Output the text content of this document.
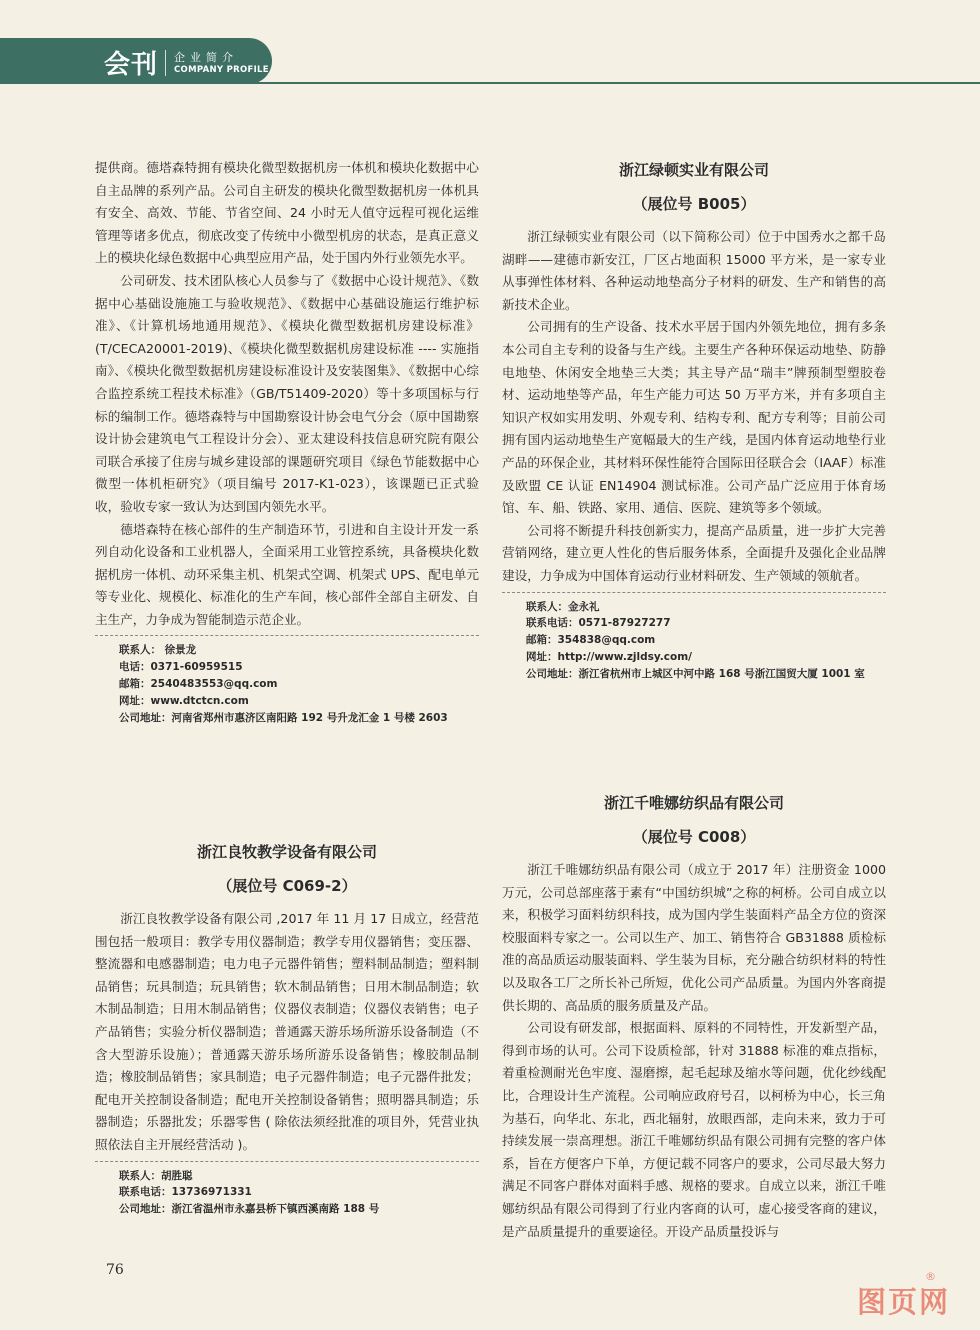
会刊 企业简介
COMPANY PROFILE

提供商。德塔森特拥有模块化微型数据机房一体机和模块化数据中心自主品牌的系列产品。公司自主研发的模块化微型数据机房一体机具有安全、高效、节能、节省空间、24 小时无人值守远程可视化运维管理等诸多优点，彻底改变了传统中小微型机房的状态，是真正意义上的模块化绿色数据中心典型应用产品，处于国内外行业领先水平。

公司研发、技术团队核心人员参与了《数据中心设计规范》、《数据中心基础设施施工与验收规范》、《数据中心基础设施运行维护标准》、《计算机场地通用规范》、《模块化微型数据机房建设标准》(T/CECA20001-2019)、《模块化微型数据机房建设标准 ---- 实施指南》、《模块化微型数据机房建设标准设计及安装图集》、《数据中心综合监控系统工程技术标准》（GB/T51409-2020）等十多项国标与行标的编制工作。德塔森特与中国勘察设计协会电气分会（原中国勘察设计协会建筑电气工程设计分会）、亚太建设科技信息研究院有限公司联合承接了住房与城乡建设部的课题研究项目《绿色节能数据中心微型一体机柜研究》（项目编号 2017-K1-023），该课题已正式验收，验收专家一致认为达到国内领先水平。

德塔森特在核心部件的生产制造环节，引进和自主设计开发一系列自动化设备和工业机器人，全面采用工业管控系统，具备模块化数据机房一体机、动环采集主机、机架式空调、机架式 UPS、配电单元等专业化、规模化、标准化的生产车间，核心部件全部自主研发、自主生产，力争成为智能制造示范企业。

联系人： 徐景龙
电话：0371-60959515
邮箱：2540483553@qq.com
网址：www.dtctcn.com
公司地址：河南省郑州市惠济区南阳路 192 号升龙汇金 1 号楼 2603
浙江绿顿实业有限公司
（展位号 B005）

浙江绿顿实业有限公司（以下简称公司）位于中国秀水之都千岛湖畔——建德市新安江，厂区占地面积 15000 平方米，是一家专业从事弹性体材料、各种运动地垫高分子材料的研发、生产和销售的高新技术企业。

公司拥有的生产设备、技术水平居于国内外领先地位，拥有多条本公司自主专利的设备与生产线。主要生产各种环保运动地垫、防静电地垫、休闲安全地垫三大类；其主导产品“瑞丰”牌预制型塑胶卷材、运动地垫等产品，年生产能力可达 50 万平方米，并有多项自主知识产权如实用发明、外观专利、结构专利、配方专利等；目前公司拥有国内运动地垫生产宽幅最大的生产线，是国内体育运动地垫行业产品的环保企业，其材料环保性能符合国际田径联合会（IAAF）标准及欧盟 CE 认证 EN14904 测试标准。公司产品广泛应用于体育场馆、车、船、铁路、家用、通信、医院、建筑等多个领域。

公司将不断提升科技创新实力，提高产品质量，进一步扩大完善营销网络，建立更人性化的售后服务体系，全面提升及强化企业品牌建设，力争成为中国体育运动行业材料研发、生产领域的领航者。

联系人：金永礼
联系电话：0571-87927277
邮箱：354838@qq.com
网址：http://www.zjldsy.com/
公司地址：浙江省杭州市上城区中河中路 168 号浙江国贸大厦 1001 室
浙江良牧教学设备有限公司
（展位号 C069-2）

浙江良牧教学设备有限公司 ,2017 年 11 月 17 日成立，经营范围包括一般项目：教学专用仪器制造；教学专用仪器销售；变压器、整流器和电感器制造；电力电子元器件销售；塑料制品制造；塑料制品销售；玩具制造；玩具销售；软木制品销售；日用木制品制造；软木制品制造；日用木制品销售；仪器仪表制造；仪器仪表销售；电子产品销售；实验分析仪器制造；普通露天游乐场所游乐设备制造（不含大型游乐设施）；普通露天游乐场所游乐设备销售；橡胶制品制造；橡胶制品销售；家具制造；电子元器件制造；电子元器件批发；配电开关控制设备制造；配电开关控制设备销售；照明器具制造；乐器制造；乐器批发；乐器零售 ( 除依法须经批准的项目外，凭营业执照依法自主开展经营活动 )。

联系人：胡胜聪
联系电话：13736971331
公司地址：浙江省温州市永嘉县桥下镇西溪南路 188 号
浙江千唯娜纺织品有限公司
（展位号 C008）

浙江千唯娜纺织品有限公司（成立于 2017 年）注册资金 1000 万元，公司总部座落于素有“中国纺织城”之称的柯桥。公司自成立以来，积极学习面料纺织科技，成为国内学生装面料产品全方位的资深校服面料专家之一。公司以生产、加工、销售符合 GB31888 质检标准的高品质运动服装面料、学生装为目标，充分融合纺织材料的特性以及取各工厂之所长补己所短，优化公司产品质量。为国内外客商提供长期的、高品质的服务质量及产品。

公司设有研发部，根据面料、原料的不同特性，开发新型产品，得到市场的认可。公司下设质检部，针对 31888 标准的难点指标，着重检测耐光色牢度、湿磨擦，起毛起球及缩水等问题，优化纱线配比，合理设计生产流程。公司响应政府号召，以柯桥为中心，长三角为基石，向华北、东北，西北辐射，放眼西部，走向未来，致力于可持续发展一崇高理想。浙江千唯娜纺织品有限公司拥有完整的客户体系，旨在方便客户下单，方便记载不同客户的要求，公司尽最大努力满足不同客户群体对面料手感、规格的要求。自成立以来，浙江千唯娜纺织品有限公司得到了行业内客商的认可，虚心接受客商的建议，是产品质量提升的重要途径。开设产品质量投诉与

76
图页网
®
